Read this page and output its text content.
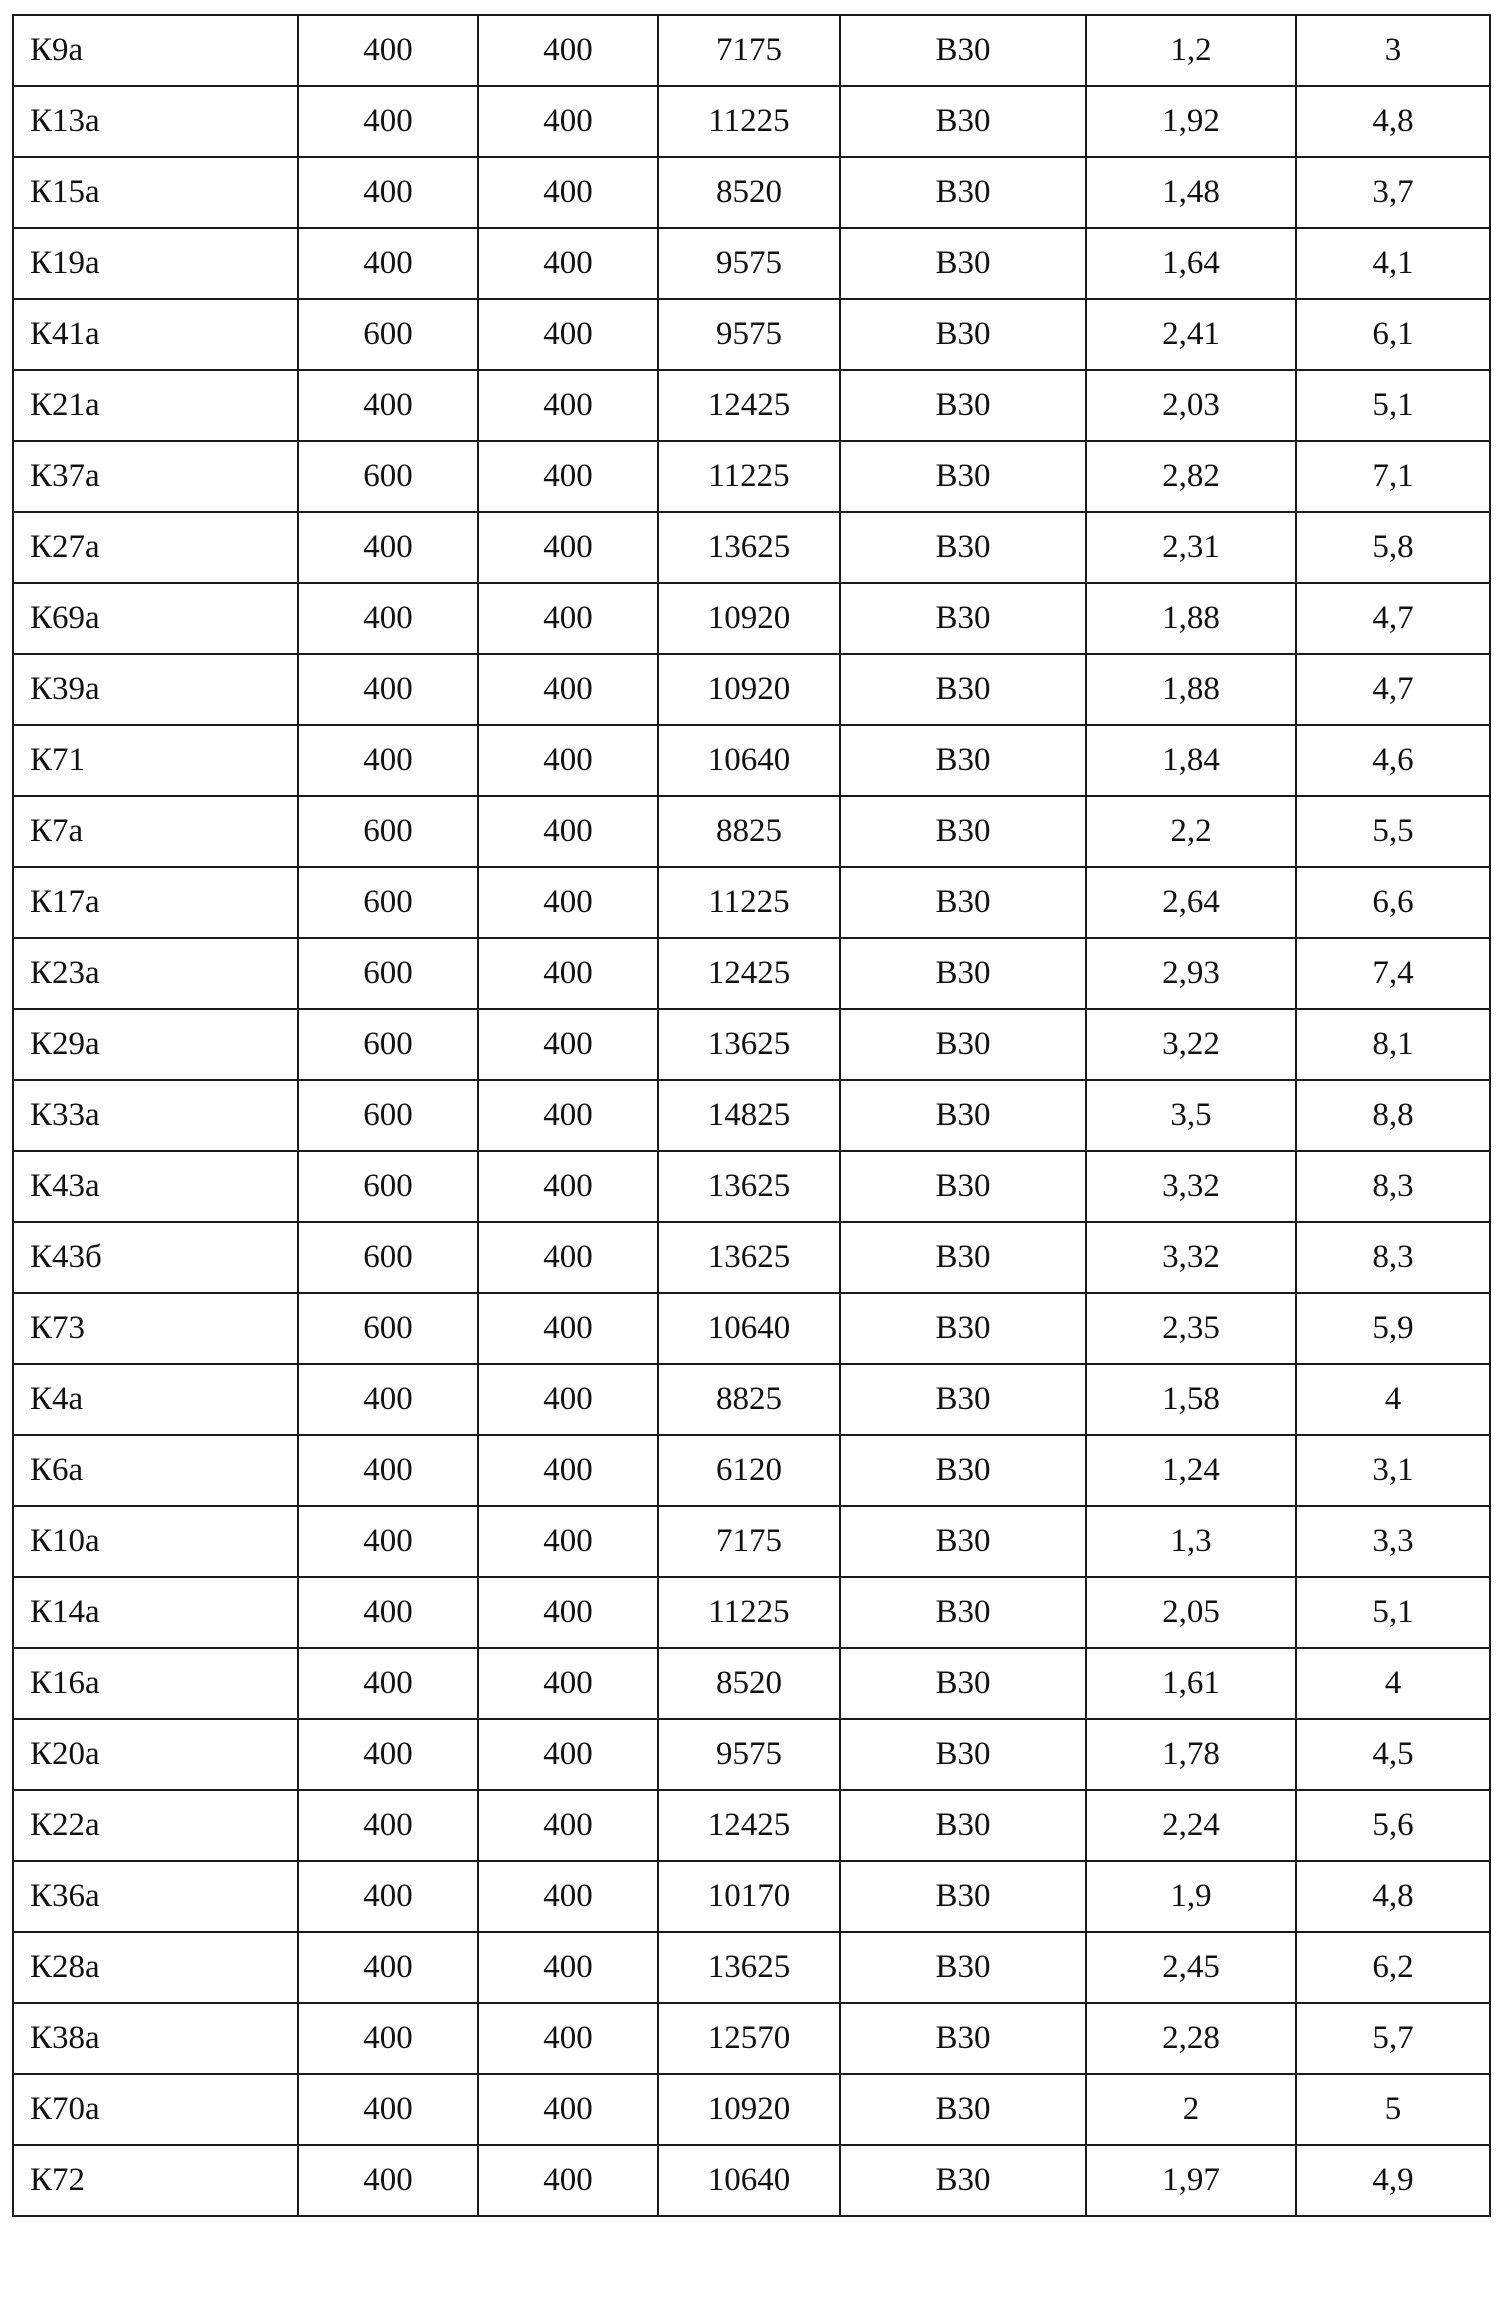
К9а	400	400	7175	В30	1,2	3
К13а	400	400	11225	В30	1,92	4,8
К15а	400	400	8520	В30	1,48	3,7
К19а	400	400	9575	В30	1,64	4,1
К41а	600	400	9575	В30	2,41	6,1
К21а	400	400	12425	В30	2,03	5,1
К37а	600	400	11225	В30	2,82	7,1
К27а	400	400	13625	В30	2,31	5,8
К69а	400	400	10920	В30	1,88	4,7
К39а	400	400	10920	В30	1,88	4,7
К71	400	400	10640	В30	1,84	4,6
К7а	600	400	8825	В30	2,2	5,5
К17а	600	400	11225	В30	2,64	6,6
К23а	600	400	12425	В30	2,93	7,4
К29а	600	400	13625	В30	3,22	8,1
К33а	600	400	14825	В30	3,5	8,8
К43а	600	400	13625	В30	3,32	8,3
К43б	600	400	13625	В30	3,32	8,3
К73	600	400	10640	В30	2,35	5,9
К4а	400	400	8825	В30	1,58	4
К6а	400	400	6120	В30	1,24	3,1
К10а	400	400	7175	В30	1,3	3,3
К14а	400	400	11225	В30	2,05	5,1
К16а	400	400	8520	В30	1,61	4
К20а	400	400	9575	В30	1,78	4,5
К22а	400	400	12425	В30	2,24	5,6
К36а	400	400	10170	В30	1,9	4,8
К28а	400	400	13625	В30	2,45	6,2
К38а	400	400	12570	В30	2,28	5,7
К70а	400	400	10920	В30	2	5
К72	400	400	10640	В30	1,97	4,9
